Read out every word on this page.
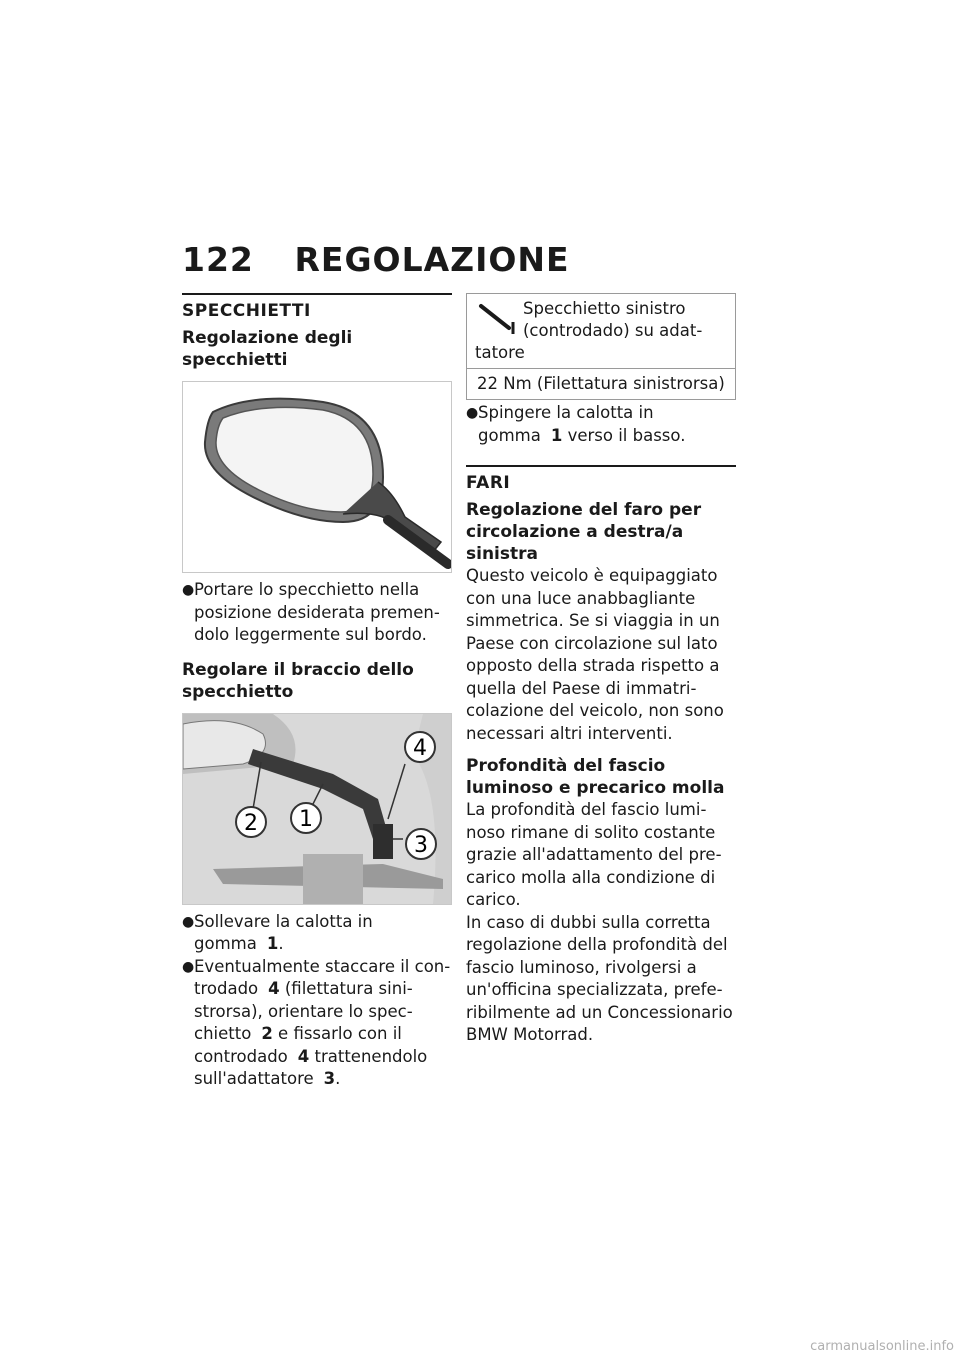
122 REGOLAZIONE
SPECCHIETTI
Regolazione degli specchietti
● Portare lo specchietto nella posizione desiderata premendolo leggermente sul bordo.
Regolare il braccio dello specchietto
4
2 1
3
● Sollevare la calotta in gomma 1.
● Eventualmente staccare il controdado 4 (filettatura sinistrorsa), orientare lo specchietto 2 e fissarlo con il controdado 4 trattenendolo sull'adattatore 3.
Specchietto sinistro (controdado) su adattatore
22 Nm (Filettatura sinistrorsa)
● Spingere la calotta in gomma 1 verso il basso.
FARI
Regolazione del faro per circolazione a destra/a sinistra
Questo veicolo è equipaggiato con una luce anabbagliante simmetrica. Se si viaggia in un Paese con circolazione sul lato opposto della strada rispetto a quella del Paese di immatricolazione del veicolo, non sono necessari altri interventi.
Profondità del fascio luminoso e precarico molla
La profondità del fascio luminoso rimane di solito costante grazie all'adattamento del precarico molla alla condizione di carico.
In caso di dubbi sulla corretta regolazione della profondità del fascio luminoso, rivolgersi a un'officina specializzata, preferibilmente ad un Concessionario BMW Motorrad.
carmanualsonline.info
